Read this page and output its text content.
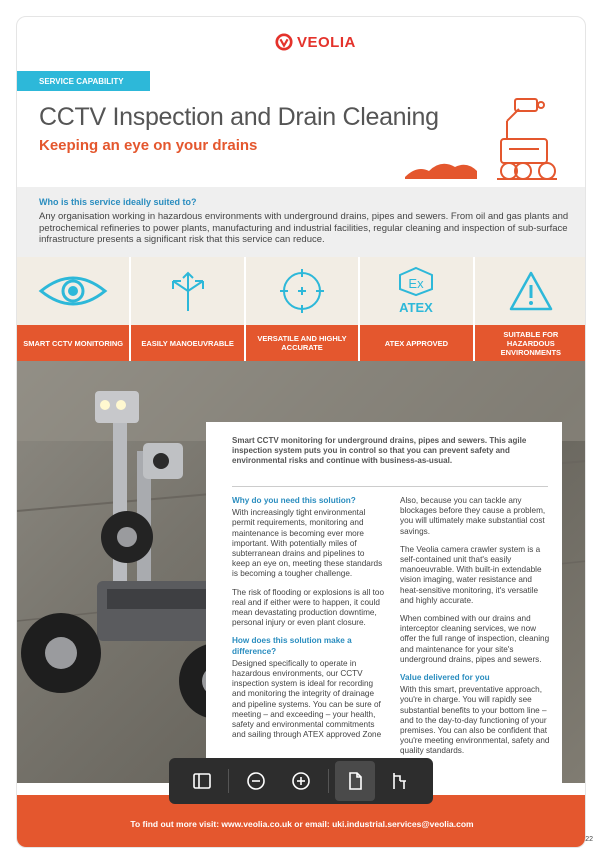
VEOLIA
SERVICE CAPABILITY
CCTV Inspection and Drain Cleaning
Keeping an eye on your drains
Who is this service ideally suited to?

Any organisation working in hazardous environments with underground drains, pipes and sewers. From oil and gas plants and petrochemical refineries to power plants, manufacturing and industrial facilities, regular cleaning and inspection of sub-surface infrastructure presents a significant risk that this service can reduce.

SMART CCTV MONITORING	EASILY MANOEUVRABLE	VERSATILE AND HIGHLY ACCURATE
Ex
ATEX
ATEX APPROVED
SUITABLE FOR HAZARDOUS ENVIRONMENTS

Smart CCTV monitoring for underground drains, pipes and sewers. This agile inspection system puts you in control so that you can prevent safety and environmental risks and continue with business-as-usual.

Why do you need this solution?

With increasingly tight environmental permit requirements, monitoring and maintenance is becoming ever more important. With potentially miles of subterranean drains and pipelines to keep an eye on, meeting these standards is becoming a tougher challenge.

The risk of flooding or explosions is all too real and if either were to happen, it could mean devastating production downtime, personal injury or even plant closure.

How does this solution make a difference?

Designed specifically to operate in hazardous environments, our CCTV inspection system is ideal for recording and monitoring the integrity of drainage and pipeline systems. You can be sure of meeting – and exceeding – your health, safety and environmental commitments and sailing through ATEX approved Zone

Also, because you can tackle any blockages before they cause a problem, you will ultimately make substantial cost savings.

The Veolia camera crawler system is a self-contained unit that's easily manoeuvrable. With built-in extendable vision imaging, water resistance and heat-sensitive monitoring, it's versatile and highly accurate.

When combined with our drains and interceptor cleaning services, we now offer the full range of inspection, cleaning and maintenance for your site's underground drains, pipes and sewers.

Value delivered for you

With this smart, preventative approach, you're in charge. You will rapidly see substantial benefits to your bottom line – and to the day-to-day functioning of your premises. You can also be confident that you're meeting environmental, safety and quality standards.

To find out more visit: www.veolia.co.uk or email: uki.industrial.services@veolia.com
22
